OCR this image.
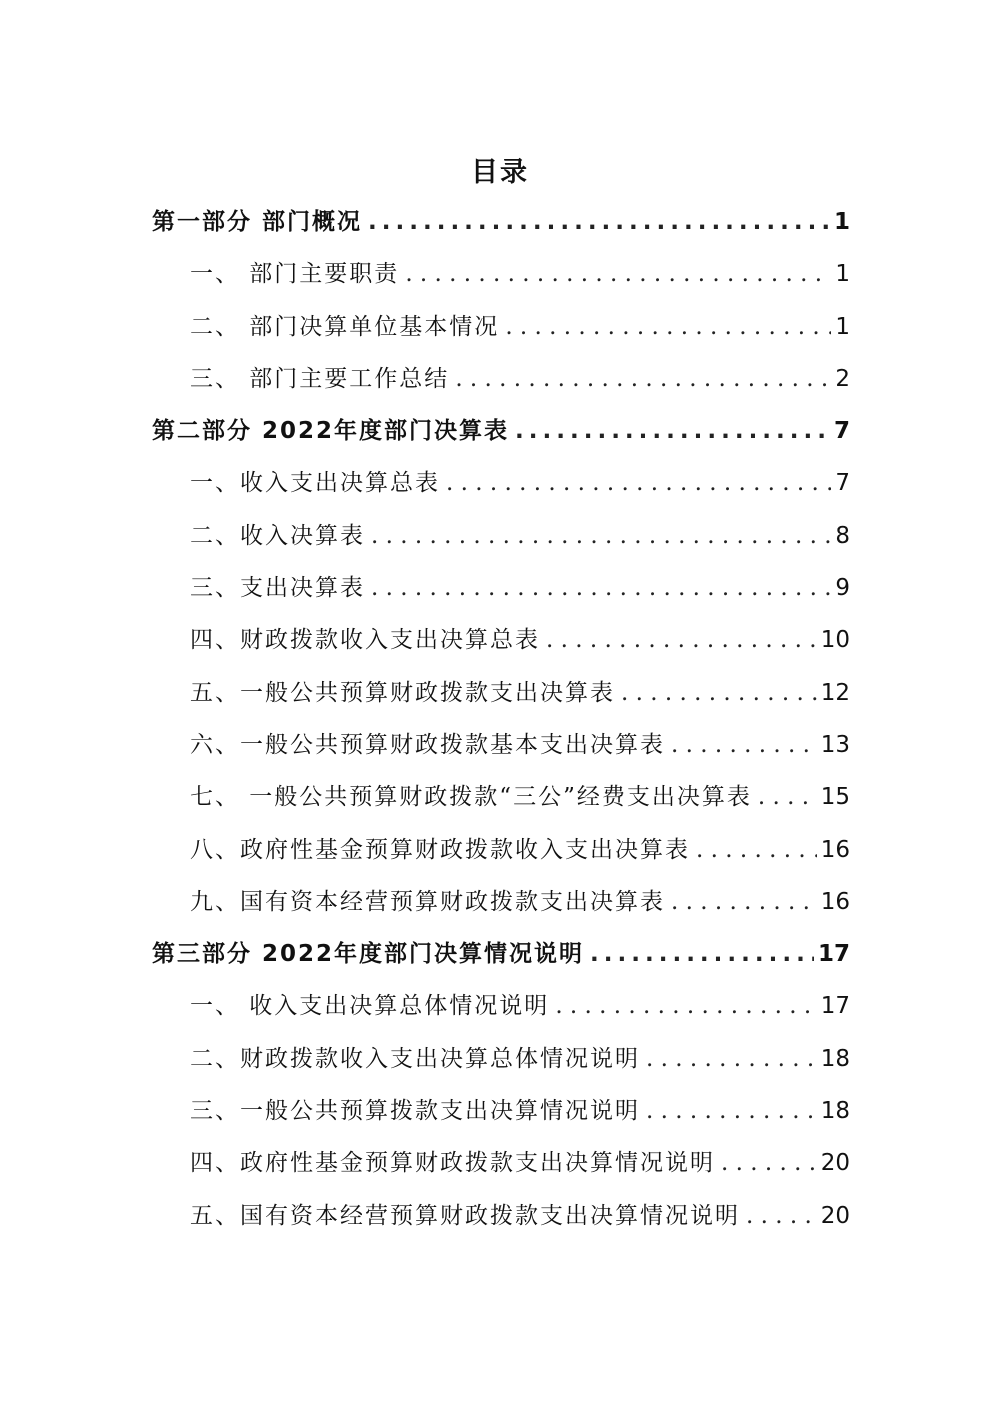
目录
第一部分 部门概况 .....	1
一、 部门主要职责 . . .	1
二、 部门决算单位基本情况 . . .	1
三、 部门主要工作总结 . . .	2
第二部分 2022年度部门决算表 .....	7
一、收入支出决算总表 . . .	7
二、收入决算表 . . .	8
三、支出决算表 . . .	9
四、财政拨款收入支出决算总表 . . .	10
五、一般公共预算财政拨款支出决算表 . . .	12
六、一般公共预算财政拨款基本支出决算表 . . .	13
七、 一般公共预算财政拨款“三公”经费支出决算表 . . .	15
八、政府性基金预算财政拨款收入支出决算表 . . .	16
九、国有资本经营预算财政拨款支出决算表 . . .	16
第三部分 2022年度部门决算情况说明 .....	17
一、 收入支出决算总体情况说明 . . .	17
二、财政拨款收入支出决算总体情况说明 . . .	18
三、一般公共预算拨款支出决算情况说明 . . .	18
四、政府性基金预算财政拨款支出决算情况说明 . . .	20
五、国有资本经营预算财政拨款支出决算情况说明 . . .	20
